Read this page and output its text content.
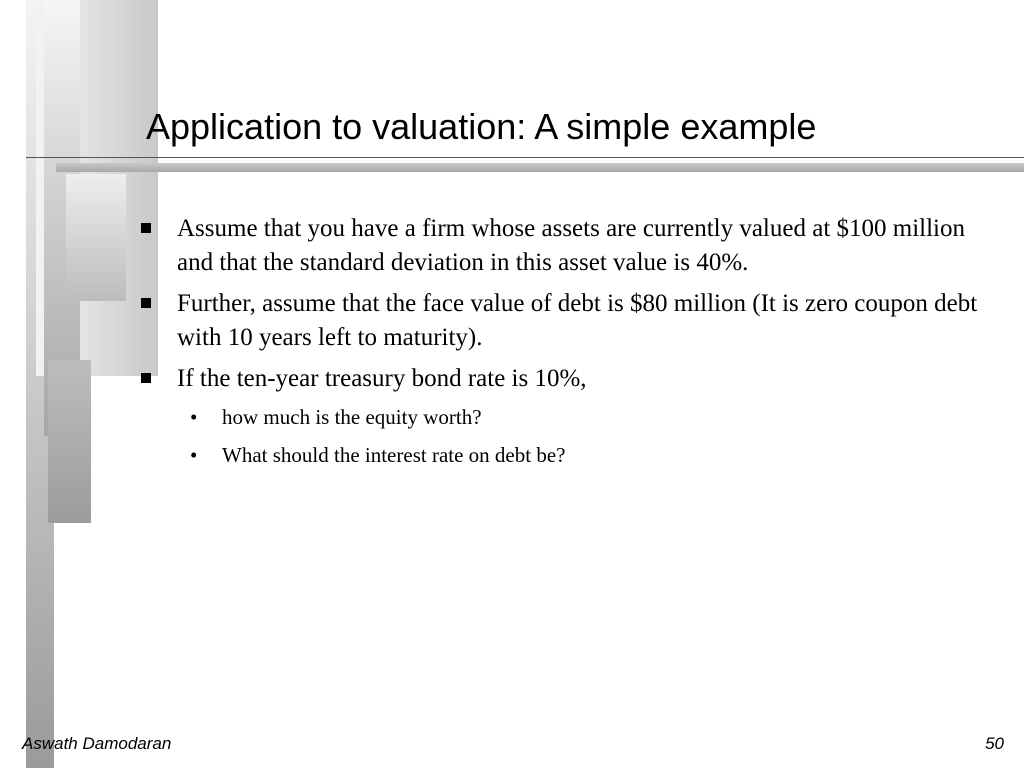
Application to valuation: A simple example
Assume that you have a firm whose assets are currently valued at $100 million and that the standard deviation in this asset value is 40%.
Further, assume that the face value of debt is $80 million (It is zero coupon debt with 10 years left to maturity).
If the ten-year treasury bond rate is 10%,
• how much is the equity worth?
• What should the interest rate on debt be?
Aswath Damodaran	50
